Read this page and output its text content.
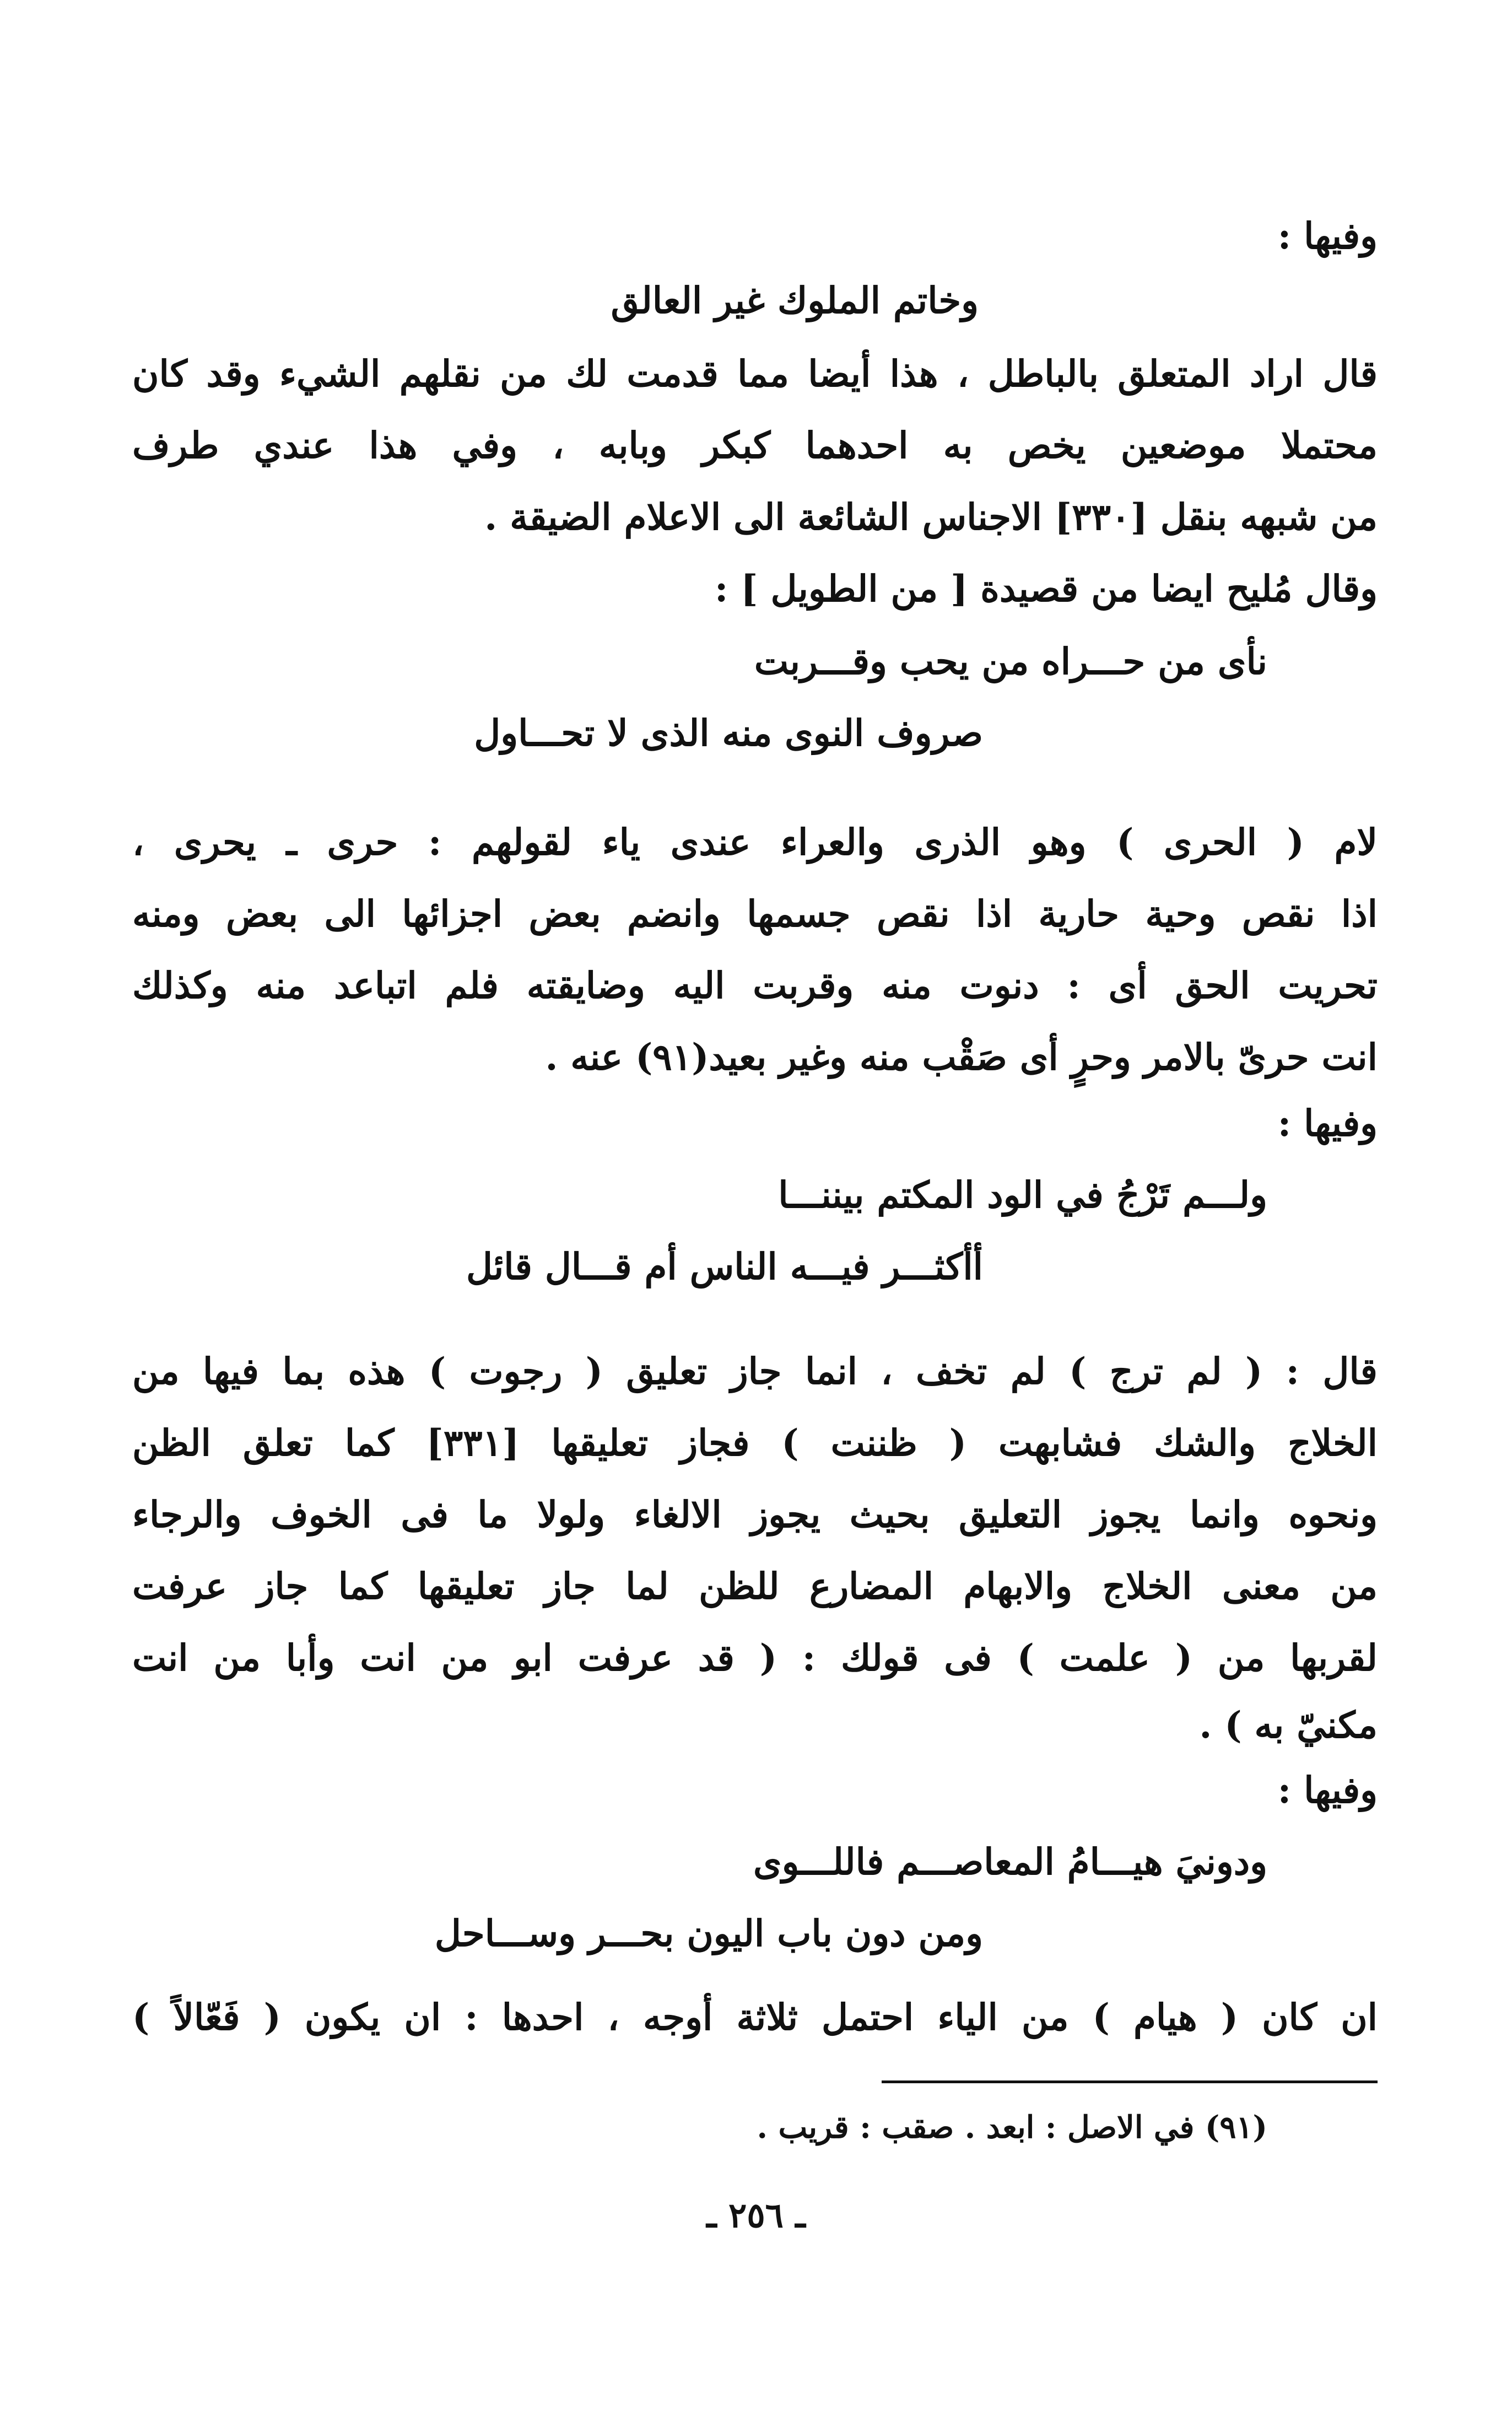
وفيها :
وخاتم الملوك غير العالق
قال اراد المتعلق بالباطل ، هذا أيضا مما قدمت لك من نقلهم الشيء وقد كان
محتملا موضعين يخص به احدهما كبكر وبابه ، وفي هذا عندي طرف
من شبهه بنقل [٣٣٠] الاجناس الشائعة الى الاعلام الضيقة .
وقال مُليح ايضا من قصيدة [ من الطويل ] :
نأى من حـــراه من يحب وقـــربت
صروف النوى منه الذى لا تحـــاول
لام ( الحرى ) وهو الذرى والعراء عندى ياء لقولهم : حرى ـ يحرى ،
اذا نقص وحية حارية اذا نقص جسمها وانضم بعض اجزائها الى بعض ومنه
تحريت الحق أى : دنوت منه وقربت اليه وضايقته فلم اتباعد منه وكذلك
انت حرىّ بالامر وحرٍ أى صَقْب منه وغير بعيد(٩١) عنه .
وفيها :
ولـــم تَرْجُ في الود المكتم بيننـــا
أأكثـــر فيـــه الناس أم قـــال قائل
قال : ( لم ترج ) لم تخف ، انما جاز تعليق ( رجوت ) هذه بما فيها من
الخلاج والشك فشابهت ( ظننت ) فجاز تعليقها [٣٣١] كما تعلق الظن
ونحوه وانما يجوز التعليق بحيث يجوز الالغاء ولولا ما فى الخوف والرجاء
من معنى الخلاج والابهام المضارع للظن لما جاز تعليقها كما جاز عرفت
لقربها من ( علمت ) فى قولك : ( قد عرفت ابو من انت وأبا من انت
مكنيّ به ) .
وفيها :
ودونيَ هيـــامُ المعاصـــم فاللـــوى
ومن دون باب اليون بحـــر وســـاحل
ان كان ( هيام ) من الياء احتمل ثلاثة أوجه ، احدها : ان يكون ( فَعّالاً )
(٩١) في الاصل : ابعد . صقب : قريب .
ـ ٢٥٦ ـ
